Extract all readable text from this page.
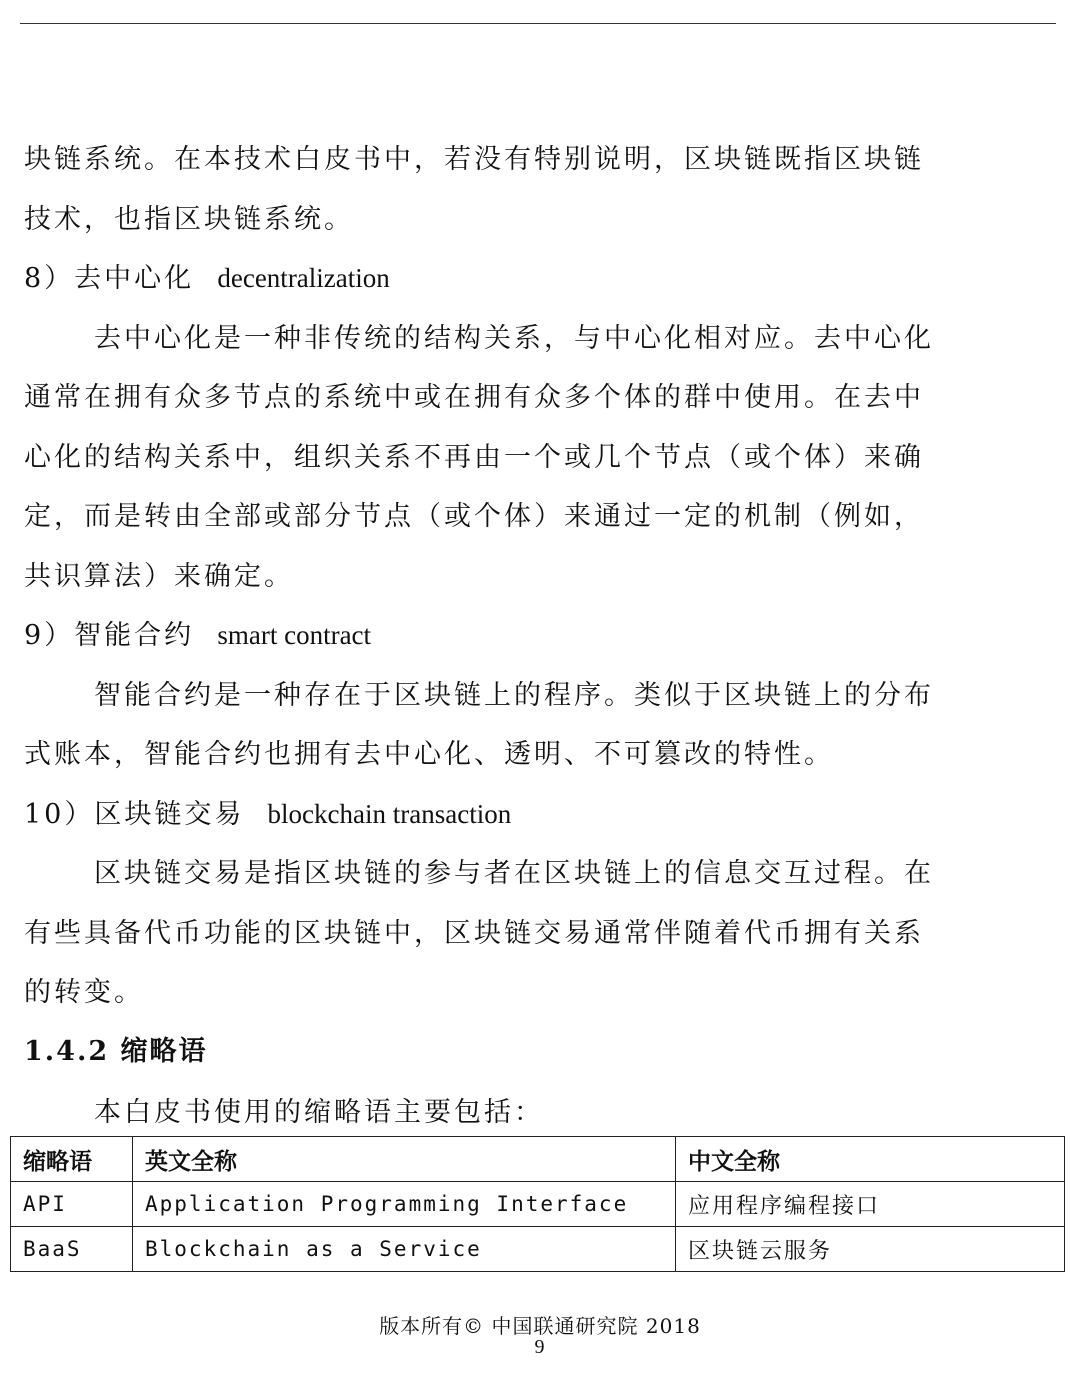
块链系统。在本技术白皮书中，若没有特别说明，区块链既指区块链
技术，也指区块链系统。
8）去中心化 decentralization
去中心化是一种非传统的结构关系，与中心化相对应。去中心化
通常在拥有众多节点的系统中或在拥有众多个体的群中使用。在去中
心化的结构关系中，组织关系不再由一个或几个节点（或个体）来确
定，而是转由全部或部分节点（或个体）来通过一定的机制（例如，
共识算法）来确定。
9）智能合约 smart contract
智能合约是一种存在于区块链上的程序。类似于区块链上的分布
式账本，智能合约也拥有去中心化、透明、不可篡改的特性。
10）区块链交易 blockchain transaction
区块链交易是指区块链的参与者在区块链上的信息交互过程。在
有些具备代币功能的区块链中，区块链交易通常伴随着代币拥有关系
的转变。
1.4.2 缩略语
本白皮书使用的缩略语主要包括：
缩略语	英文全称	中文全称
API	Application Programming Interface	应用程序编程接口
BaaS	Blockchain as a Service	区块链云服务
版本所有© 中国联通研究院 2018
9
